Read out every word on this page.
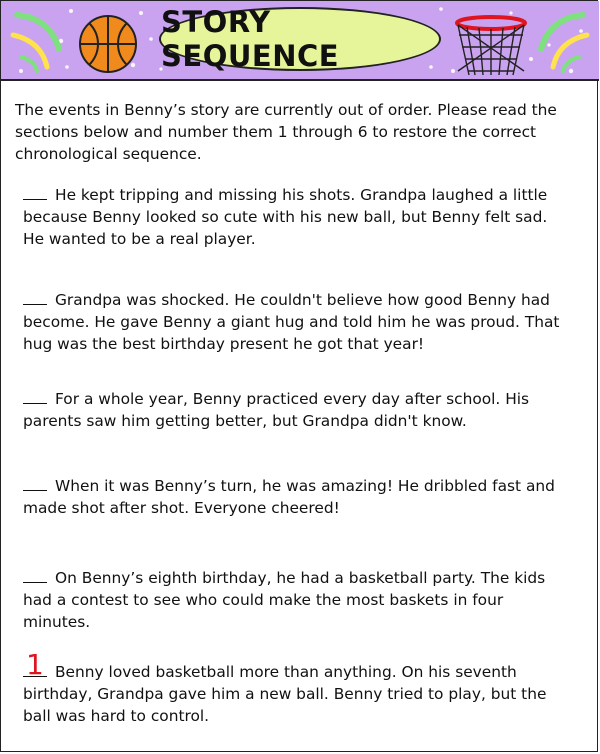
STORY SEQUENCE
The events in Benny’s story are currently out of order. Please read the sections below and number them 1 through 6 to restore the correct chronological sequence.
He kept tripping and missing his shots. Grandpa laughed a little because Benny looked so cute with his new ball, but Benny felt sad. He wanted to be a real player.
Grandpa was shocked. He couldn't believe how good Benny had become. He gave Benny a giant hug and told him he was proud. That hug was the best birthday present he got that year!
For a whole year, Benny practiced every day after school. His parents saw him getting better, but Grandpa didn't know.
When it was Benny’s turn, he was amazing! He dribbled fast and made shot after shot. Everyone cheered!
On Benny’s eighth birthday, he had a basketball party. The kids had a contest to see who could make the most baskets in four minutes.
1 Benny loved basketball more than anything. On his seventh birthday, Grandpa gave him a new ball. Benny tried to play, but the ball was hard to control.
